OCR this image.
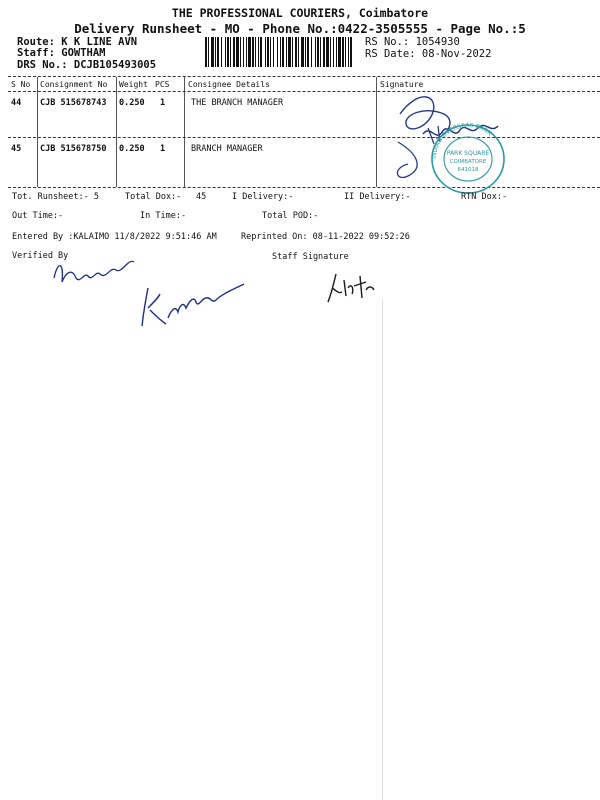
THE PROFESSIONAL COURIERS, Coimbatore
Delivery Runsheet - MO - Phone No.:0422-3505555 - Page No.:5
Route: K K LINE AVN
Staff: GOWTHAM
DRS No.: DCJB105493005
RS No.: 1054930
RS Date: 08-Nov-2022
S No Consignment No Weight PCS Consignee Details	Signature
44 CJB 515678743 0.250 1	THE BRANCH MANAGER
45 CJB 515678750 0.250 1	BRANCH MANAGER
INDIAN OVERSEAS BANK
PARK SQUARE
COIMBATORE
641018
Tot. Runsheet:- 5	Total Dox:- 45	I Delivery:-	II Delivery:-	RTN Dox:-
Out Time:-	In Time:-	Total POD:-
Entered By :KALAIMO 11/8/2022 9:51:46 AM	Reprinted On: 08-11-2022 09:52:26
Verified By	Staff Signature
